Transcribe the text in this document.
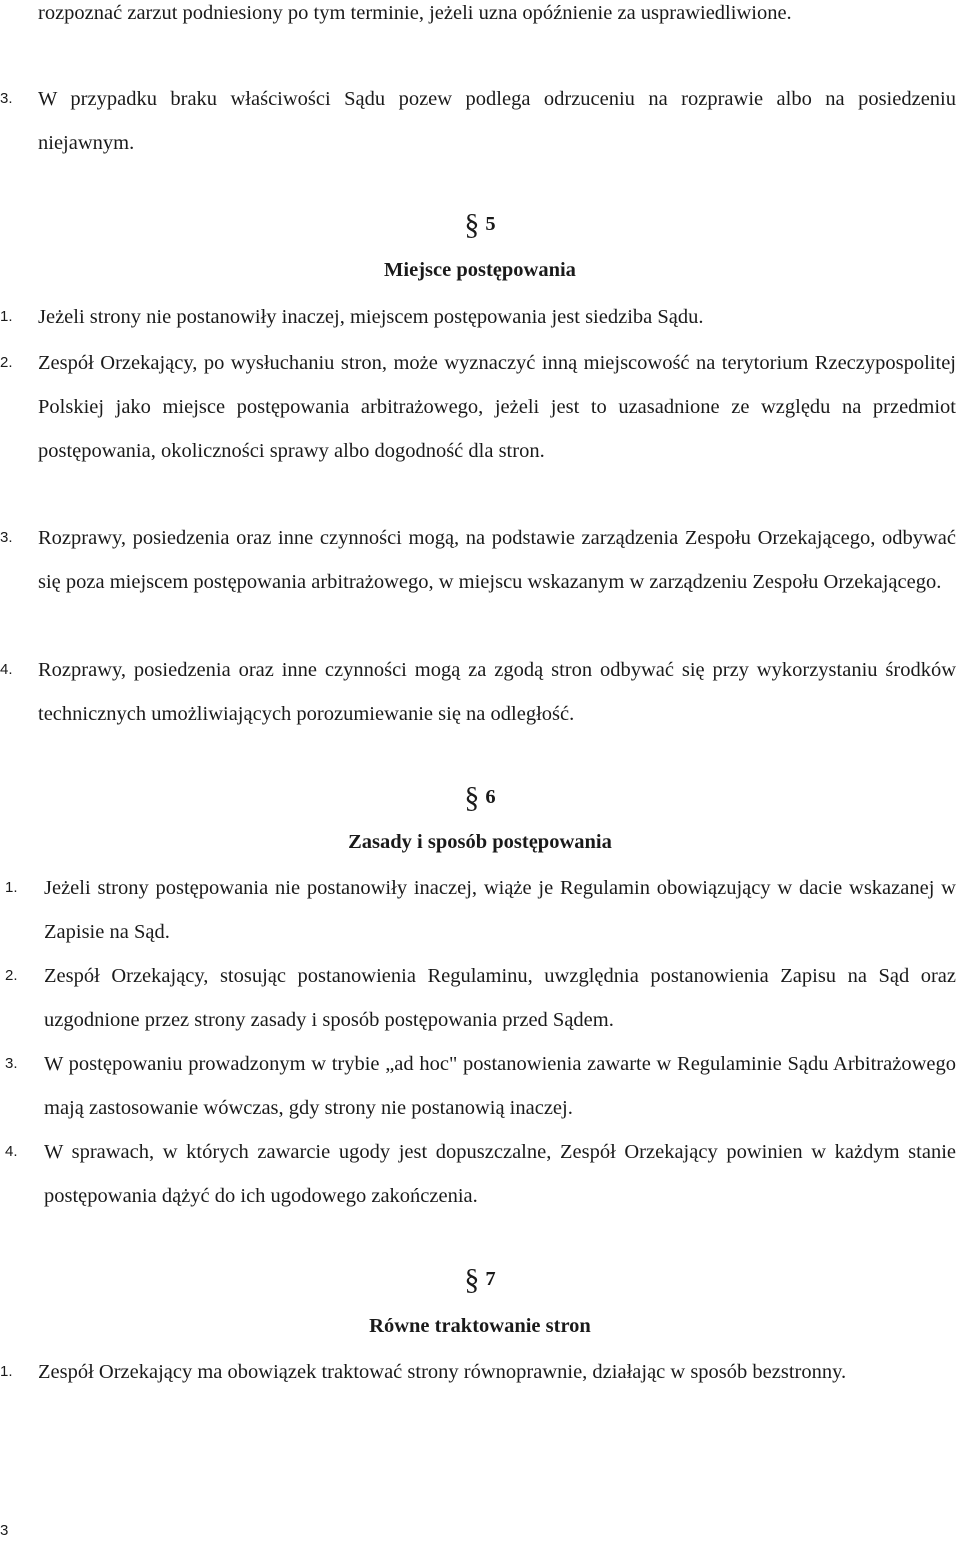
rozpoznać zarzut podniesiony po tym terminie, jeżeli uzna opóźnienie za usprawiedliwione.
3.	W przypadku braku właściwości Sądu pozew podlega odrzuceniu na rozprawie albo na posiedzeniu niejawnym.
§ 5
Miejsce postępowania
1.	Jeżeli strony nie postanowiły inaczej, miejscem postępowania jest siedziba Sądu.
2.	Zespół Orzekający, po wysłuchaniu stron, może wyznaczyć inną miejscowość na terytorium Rzeczypospolitej Polskiej jako miejsce postępowania arbitrażowego, jeżeli jest to uzasadnione ze względu na przedmiot postępowania, okoliczności sprawy albo dogodność dla stron.
3.	Rozprawy, posiedzenia oraz inne czynności mogą, na podstawie zarządzenia Zespołu Orzekającego, odbywać się poza miejscem postępowania arbitrażowego, w miejscu wskazanym w zarządzeniu Zespołu Orzekającego.
4.	Rozprawy, posiedzenia oraz inne czynności mogą za zgodą stron odbywać się przy wykorzystaniu środków technicznych umożliwiających porozumiewanie się na odległość.
§ 6
Zasady i sposób postępowania
1.	Jeżeli strony postępowania nie postanowiły inaczej, wiąże je Regulamin obowiązujący w dacie wskazanej w Zapisie na Sąd.
2.	Zespół Orzekający, stosując postanowienia Regulaminu, uwzględnia postanowienia Zapisu na Sąd oraz uzgodnione przez strony zasady i sposób postępowania przed Sądem.
3.	W postępowaniu prowadzonym w trybie „ad hoc" postanowienia zawarte w Regulaminie Sądu Arbitrażowego mają zastosowanie wówczas, gdy strony nie postanowią inaczej.
4.	W sprawach, w których zawarcie ugody jest dopuszczalne, Zespół Orzekający powinien w każdym stanie postępowania dążyć do ich ugodowego zakończenia.
§ 7
Równe traktowanie stron
1.	Zespół Orzekający ma obowiązek traktować strony równoprawnie, działając w sposób bezstronny.
3
